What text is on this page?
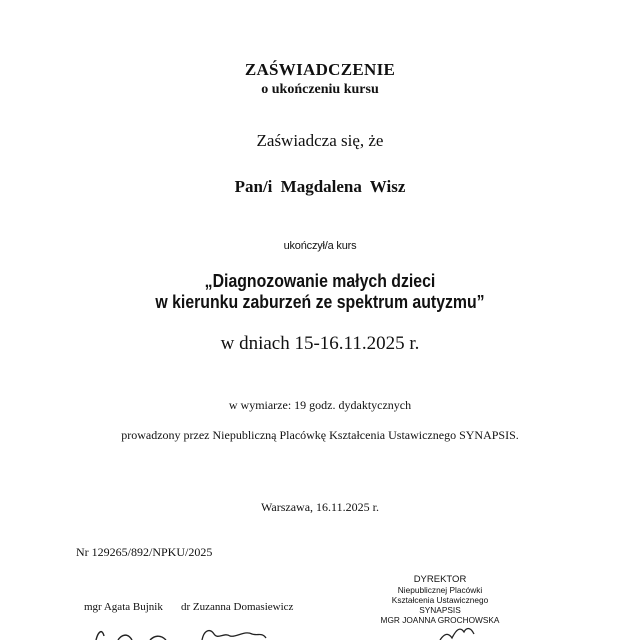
ZAŚWIADCZENIE
o ukończeniu kursu
Zaświadcza się, że
Pan/i Magdalena Wisz
ukończył/a kurs
„Diagnozowanie małych dzieci
w kierunku zaburzeń ze spektrum autyzmu”
w dniach 15-16.11.2025 r.
w wymiarze: 19 godz. dydaktycznych
prowadzony przez Niepubliczną Placówkę Kształcenia Ustawicznego SYNAPSIS.
Warszawa, 16.11.2025 r.
Nr 129265/892/NPKU/2025
mgr Agata Bujnik dr Zuzanna Domasiewicz
DYREKTOR
Niepublicznej Placówki
Kształcenia Ustawicznego
SYNAPSIS
MGR JOANNA GROCHOWSKA
